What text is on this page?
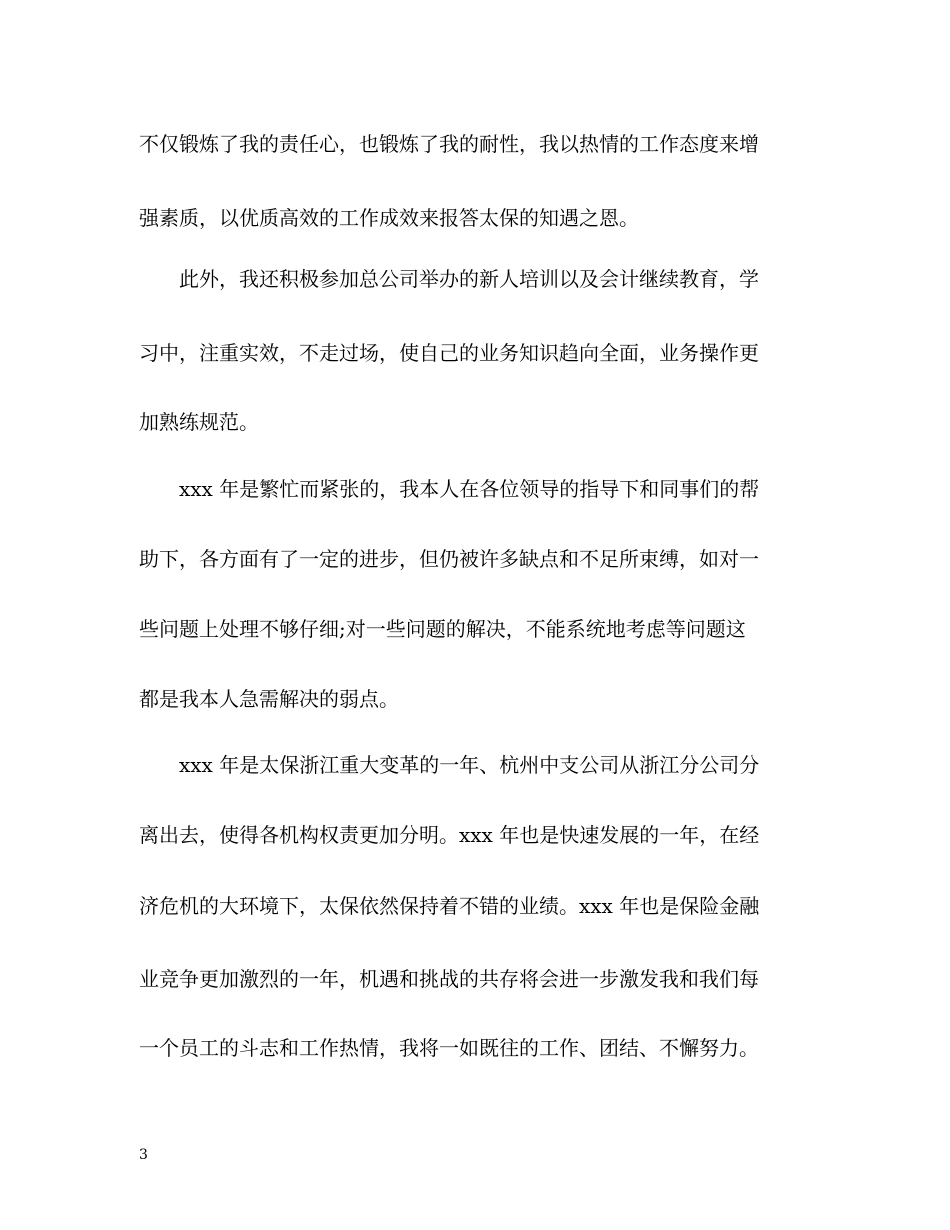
不仅锻炼了我的责任心，也锻炼了我的耐性，我以热情的工作态度来增
强素质，以优质高效的工作成效来报答太保的知遇之恩。
　　此外，我还积极参加总公司举办的新人培训以及会计继续教育，学
习中，注重实效，不走过场，使自己的业务知识趋向全面，业务操作更
加熟练规范。
　　xxx 年是繁忙而紧张的，我本人在各位领导的指导下和同事们的帮
助下，各方面有了一定的进步，但仍被许多缺点和不足所束缚，如对一
些问题上处理不够仔细;对一些问题的解决，不能系统地考虑等问题这
都是我本人急需解决的弱点。
　　xxx 年是太保浙江重大变革的一年、杭州中支公司从浙江分公司分
离出去，使得各机构权责更加分明。xxx 年也是快速发展的一年，在经
济危机的大环境下，太保依然保持着不错的业绩。xxx 年也是保险金融
业竞争更加激烈的一年，机遇和挑战的共存将会进一步激发我和我们每
一个员工的斗志和工作热情，我将一如既往的工作、团结、不懈努力。
3
